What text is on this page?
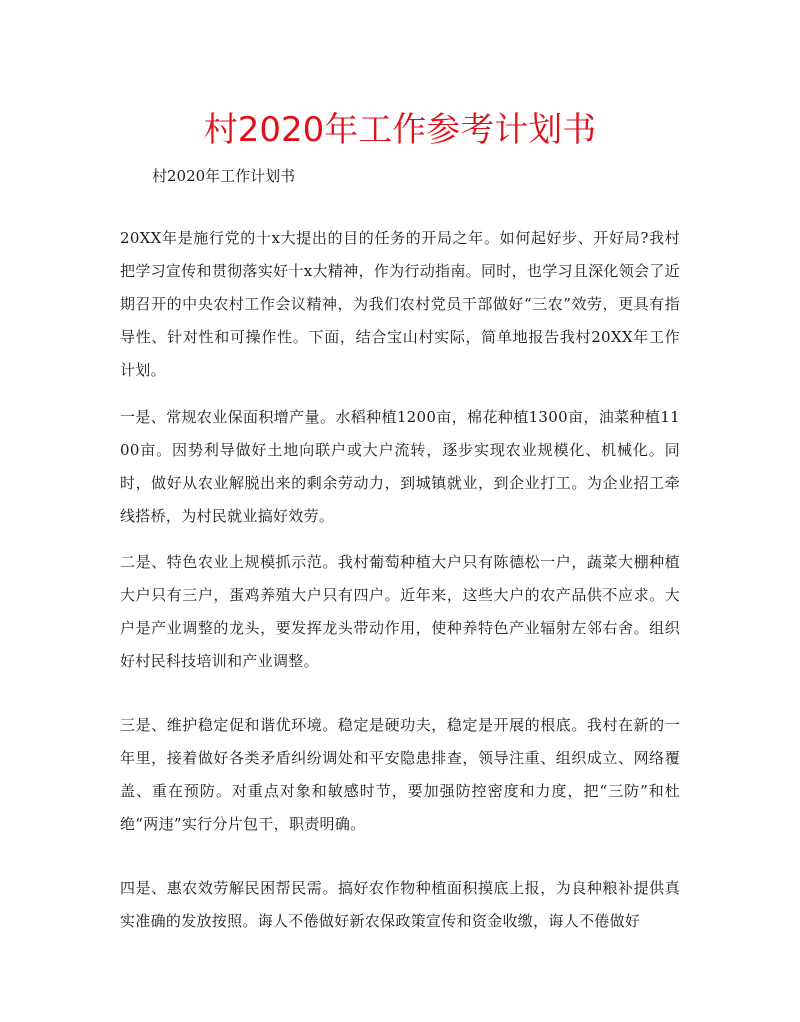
村2020年工作参考计划书

村2020年工作计划书

20XX年是施行党的十x大提出的目的任务的开局之年。如何起好步、开好局?我村把学习宣传和贯彻落实好十x大精神，作为行动指南。同时，也学习且深化领会了近期召开的中央农村工作会议精神，为我们农村党员干部做好“三农”效劳，更具有指导性、针对性和可操作性。下面，结合宝山村实际，简单地报告我村20XX年工作计划。

一是、常规农业保面积增产量。水稻种植1200亩，棉花种植1300亩，油菜种植1100亩。因势利导做好土地向联户或大户流转，逐步实现农业规模化、机械化。同时，做好从农业解脱出来的剩余劳动力，到城镇就业，到企业打工。为企业招工牵线搭桥，为村民就业搞好效劳。

二是、特色农业上规模抓示范。我村葡萄种植大户只有陈德松一户，蔬菜大棚种植大户只有三户，蛋鸡养殖大户只有四户。近年来，这些大户的农产品供不应求。大户是产业调整的龙头，要发挥龙头带动作用，使种养特色产业辐射左邻右舍。组织好村民科技培训和产业调整。

三是、维护稳定促和谐优环境。稳定是硬功夫，稳定是开展的根底。我村在新的一年里，接着做好各类矛盾纠纷调处和平安隐患排查，领导注重、组织成立、网络覆盖、重在预防。对重点对象和敏感时节，要加强防控密度和力度，把“三防”和杜绝“两违”实行分片包干，职责明确。

四是、惠农效劳解民困帮民需。搞好农作物种植面积摸底上报，为良种粮补提供真实准确的发放按照。诲人不倦做好新农保政策宣传和资金收缴，诲人不倦做好
